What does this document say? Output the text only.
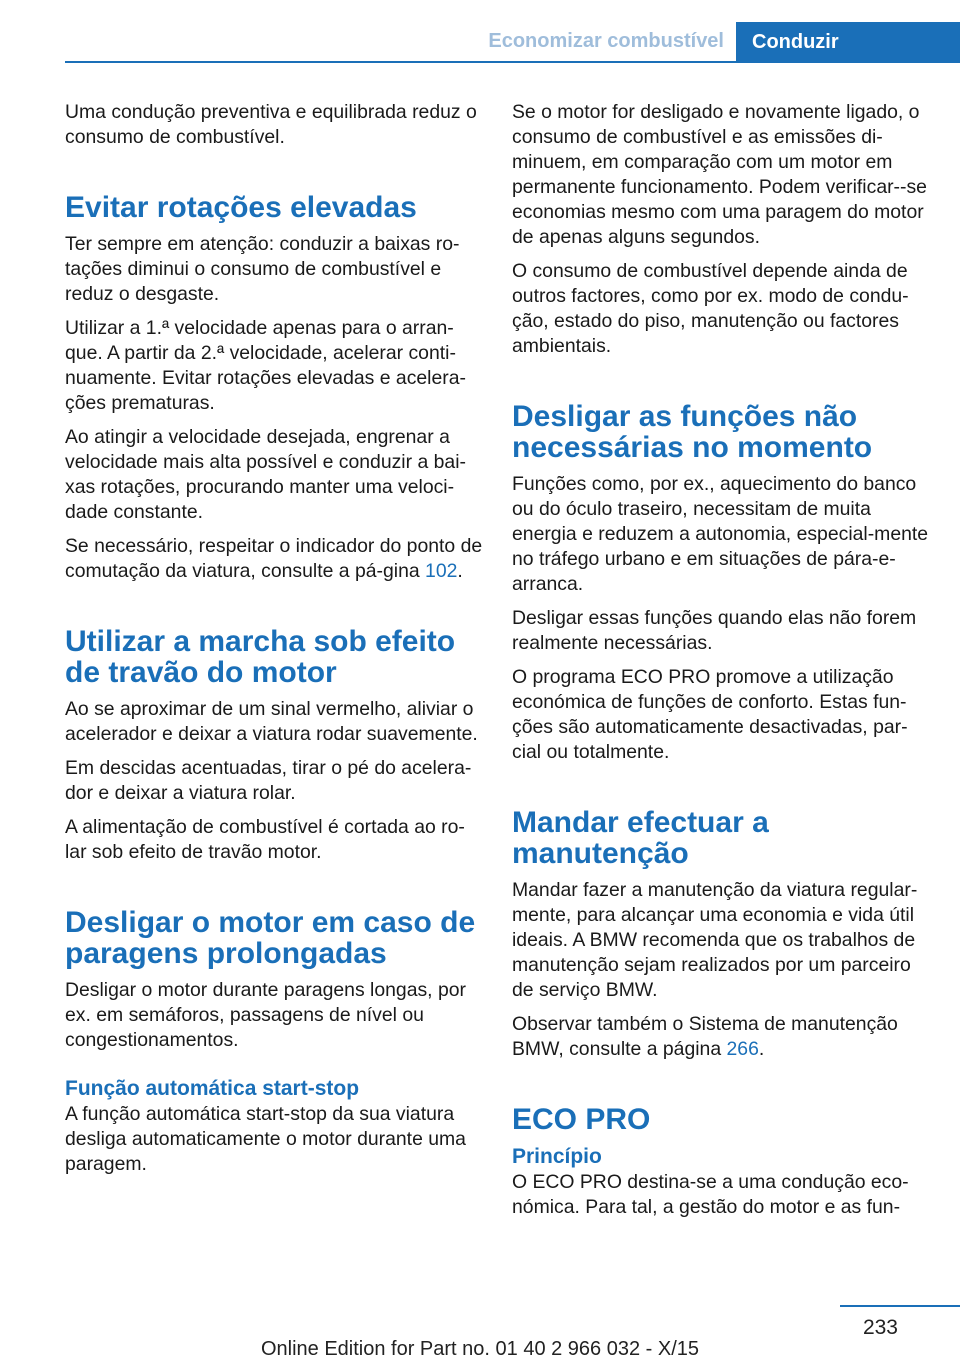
Economizar combustível	Conduzir

Uma condução preventiva e equilibrada reduz o consumo de combustível.

Evitar rotações elevadas

Ter sempre em atenção: conduzir a baixas ro-tações diminui o consumo de combustível e reduz o desgaste.

Utilizar a 1.ª velocidade apenas para o arran-que. A partir da 2.ª velocidade, acelerar conti-nuamente. Evitar rotações elevadas e acelera-ções prematuras.

Ao atingir a velocidade desejada, engrenar a velocidade mais alta possível e conduzir a bai-xas rotações, procurando manter uma veloci-dade constante.

Se necessário, respeitar o indicador do ponto de comutação da viatura, consulte a pá-gina 102.

Utilizar a marcha sob efeito de travão do motor

Ao se aproximar de um sinal vermelho, aliviar o acelerador e deixar a viatura rodar suavemente.

Em descidas acentuadas, tirar o pé do acelera-dor e deixar a viatura rolar.

A alimentação de combustível é cortada ao ro-lar sob efeito de travão motor.

Desligar o motor em caso de paragens prolongadas

Desligar o motor durante paragens longas, por ex. em semáforos, passagens de nível ou congestionamentos.

Função automática start-stop

A função automática start-stop da sua viatura desliga automaticamente o motor durante uma paragem.

Se o motor for desligado e novamente ligado, o consumo de combustível e as emissões di-minuem, em comparação com um motor em permanente funcionamento. Podem verificar--se economias mesmo com uma paragem do motor de apenas alguns segundos.

O consumo de combustível depende ainda de outros factores, como por ex. modo de condu-ção, estado do piso, manutenção ou factores ambientais.

Desligar as funções não necessárias no momento

Funções como, por ex., aquecimento do banco ou do óculo traseiro, necessitam de muita energia e reduzem a autonomia, especial-mente no tráfego urbano e em situações de pára-e-arranca.

Desligar essas funções quando elas não forem realmente necessárias.

O programa ECO PRO promove a utilização económica de funções de conforto. Estas fun-ções são automaticamente desactivadas, par-cial ou totalmente.

Mandar efectuar a manutenção

Mandar fazer a manutenção da viatura regular-mente, para alcançar uma economia e vida útil ideais. A BMW recomenda que os trabalhos de manutenção sejam realizados por um parceiro de serviço BMW.

Observar também o Sistema de manutenção BMW, consulte a página 266.

ECO PRO
Princípio

O ECO PRO destina-se a uma condução eco-nómica. Para tal, a gestão do motor e as fun-

233
Online Edition for Part no. 01 40 2 966 032 - X/15
